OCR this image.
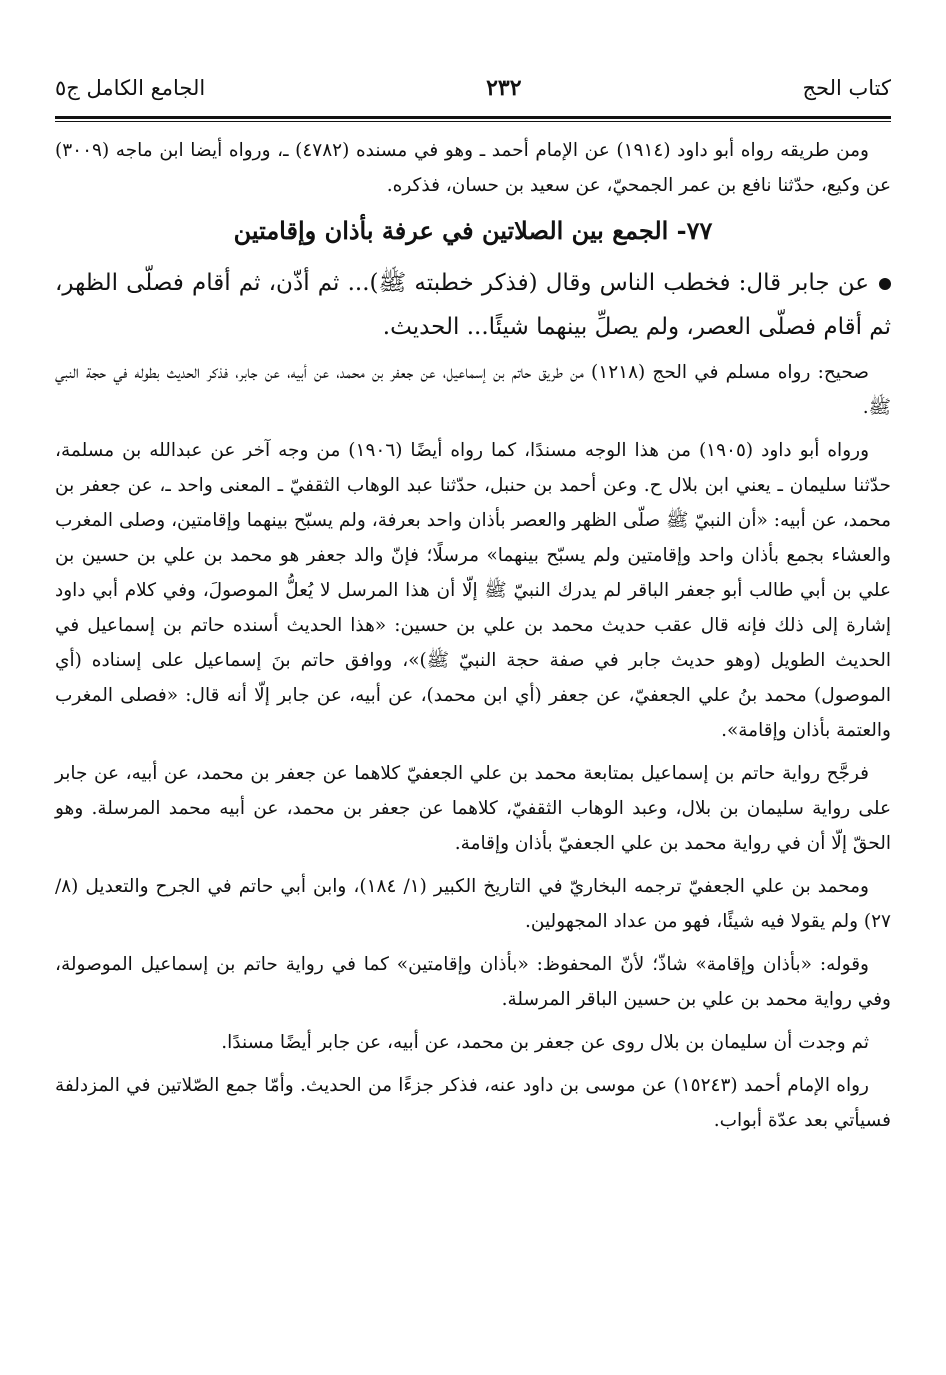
كتاب الحج
٢٣٢
الجامع الكامل ج٥

ومن طريقه رواه أبو داود (١٩١٤) عن الإمام أحمد ـ وهو في مسنده (٤٧٨٢) ـ، ورواه أيضا ابن ماجه (٣٠٠٩) عن وكيع، حدّثنا نافع بن عمر الجمحيّ، عن سعيد بن حسان، فذكره.

٧٧- الجمع بين الصلاتين في عرفة بأذان وإقامتين

عن جابر قال: فخطب الناس وقال (فذكر خطبته ﷺ)... ثم أذّن، ثم أقام فصلّى الظهر، ثم أقام فصلّى العصر، ولم يصلِّ بينهما شيئًا... الحديث.

صحيح: رواه مسلم في الحج (١٢١٨) من طريق حاتم بن إسماعيل، عن جعفر بن محمد، عن أبيه، عن جابر، فذكر الحديث بطوله في حجة النبي ﷺ.

ورواه أبو داود (١٩٠٥) من هذا الوجه مسندًا، كما رواه أيضًا (١٩٠٦) من وجه آخر عن عبدالله بن مسلمة، حدّثنا سليمان ـ يعني ابن بلال ح. وعن أحمد بن حنبل، حدّثنا عبد الوهاب الثقفيّ ـ المعنى واحد ـ، عن جعفر بن محمد، عن أبيه: «أن النبيّ ﷺ صلّى الظهر والعصر بأذان واحد بعرفة، ولم يسبّح بينهما وإقامتين، وصلى المغرب والعشاء بجمع بأذان واحد وإقامتين ولم يسبّح بينهما» مرسلًا؛ فإنّ والد جعفر هو محمد بن علي بن حسين بن علي بن أبي طالب أبو جعفر الباقر لم يدرك النبيّ ﷺ إلّا أن هذا المرسل لا يُعلُّ الموصولَ، وفي كلام أبي داود إشارة إلى ذلك فإنه قال عقب حديث محمد بن علي بن حسين: «هذا الحديث أسنده حاتم بن إسماعيل في الحديث الطويل (وهو حديث جابر في صفة حجة النبيّ ﷺ)»، ووافق حاتم بنَ إسماعيل على إسناده (أي الموصول) محمد بنُ علي الجعفيّ، عن جعفر (أي ابن محمد)، عن أبيه، عن جابر إلّا أنه قال: «فصلى المغرب والعتمة بأذان وإقامة».

فرجَّح رواية حاتم بن إسماعيل بمتابعة محمد بن علي الجعفيّ كلاهما عن جعفر بن محمد، عن أبيه، عن جابر على رواية سليمان بن بلال، وعبد الوهاب الثقفيّ، كلاهما عن جعفر بن محمد، عن أبيه محمد المرسلة. وهو الحقّ إلّا أن في رواية محمد بن علي الجعفيّ بأذان وإقامة.

ومحمد بن علي الجعفيّ ترجمه البخاريّ في التاريخ الكبير (١/ ١٨٤)، وابن أبي حاتم في الجرح والتعديل (٨/ ٢٧) ولم يقولا فيه شيئًا، فهو من عداد المجهولين.

وقوله: «بأذان وإقامة» شاذّ؛ لأنّ المحفوظ: «بأذان وإقامتين» كما في رواية حاتم بن إسماعيل الموصولة، وفي رواية محمد بن علي بن حسين الباقر المرسلة.

ثم وجدت أن سليمان بن بلال روى عن جعفر بن محمد، عن أبيه، عن جابر أيضًا مسندًا.

رواه الإمام أحمد (١٥٢٤٣) عن موسى بن داود عنه، فذكر جزءًا من الحديث. وأمّا جمع الصّلاتين في المزدلفة فسيأتي بعد عدّة أبواب.
